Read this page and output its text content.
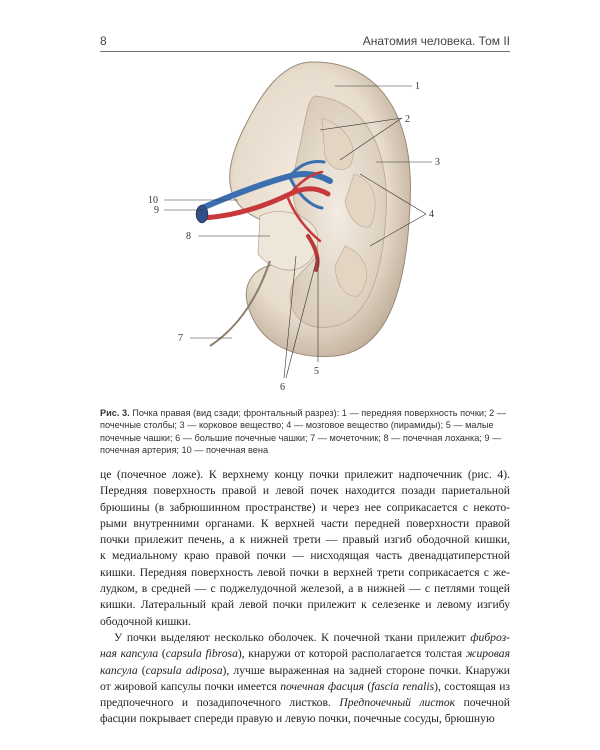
8	Анатомия человека. Том II
1
2
3
4
5
6
7
8
9
10
Рис. 3. Почка правая (вид сзади; фронтальный разрез): 1 — передняя поверхность почки; 2 — почечные столбы; 3 — корковое вещество; 4 — мозговое вещество (пирамиды); 5 — малые почечные чашки; 6 — большие почечные чашки; 7 — мочеточник; 8 — почечная лоханка; 9 — почечная артерия; 10 — почечная вена

це (почечное ложе). К верхнему концу почки прилежит надпочечник (рис. 4).
Передняя поверхность правой и левой почек находится позади париетальной
брюшины (в забрюшинном пространстве) и через нее соприкасается с некото-
рыми внутренними органами. К верхней части передней поверхности правой
почки прилежит печень, а к нижней трети — правый изгиб ободочной кишки,
к медиальному краю правой почки — нисходящая часть двенадцатиперстной
кишки. Передняя поверхность левой почки в верхней трети соприкасается с же-
лудком, в средней — с поджелудочной железой, а в нижней — с петлями тощей
кишки. Латеральный край левой почки прилежит к селезенке и левому изгибу
ободочной кишки.

У почки выделяют несколько оболочек. К почечной ткани прилежит фиброз- ная капсула (capsula fibrosa), кнаружи от которой располагается толстая жировая капсула (capsula adiposa), лучше выраженная на задней стороне почки. Кнаружи от жировой капсулы почки имеется почечная фасция (fascia renalis), состоящая из предпочечного и позадипочечного листков. Предпочечный листок почечной фасции покрывает спереди правую и левую почки, почечные сосуды, брюшную
